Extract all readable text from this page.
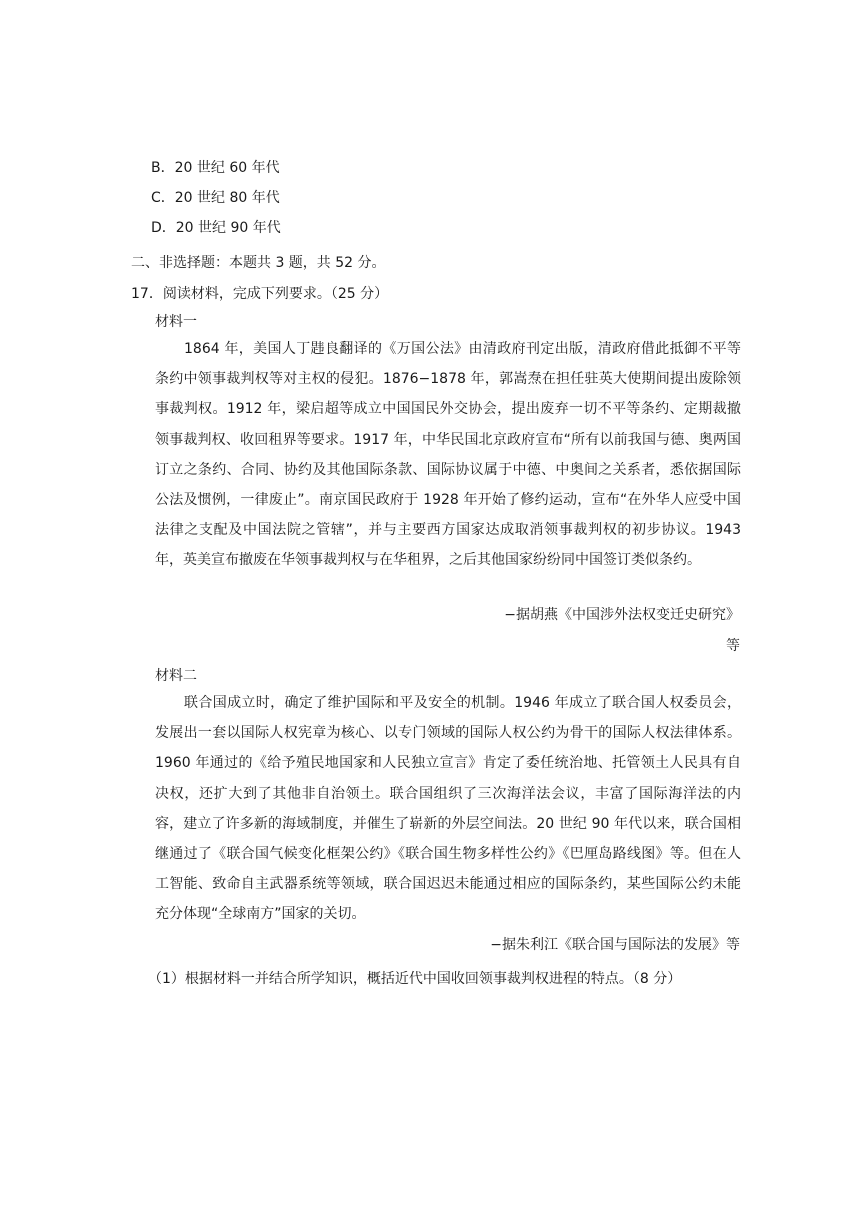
B．20 世纪 60 年代
C．20 世纪 80 年代
D．20 世纪 90 年代
二、非选择题：本题共 3 题，共 52 分。
17．阅读材料，完成下列要求。（25 分）
材料一

1864 年，美国人丁韪良翻译的《万国公法》由清政府刊定出版，清政府借此抵御不平等条约中领事裁判权等对主权的侵犯。1876−1878 年，郭嵩焘在担任驻英大使期间提出废除领事裁判权。1912 年，梁启超等成立中国国民外交协会，提出废弃一切不平等条约、定期裁撤领事裁判权、收回租界等要求。1917 年，中华民国北京政府宣布“所有以前我国与德、奥两国订立之条约、合同、协约及其他国际条款、国际协议属于中德、中奥间之关系者，悉依据国际公法及惯例，一律废止”。南京国民政府于 1928 年开始了修约运动，宣布“在外华人应受中国法律之支配及中国法院之管辖”，并与主要西方国家达成取消领事裁判权的初步协议。1943 年，英美宣布撤废在华领事裁判权与在华租界，之后其他国家纷纷同中国签订类似条约。

−据胡燕《中国涉外法权变迁史研究》
等
材料二

联合国成立时，确定了维护国际和平及安全的机制。1946 年成立了联合国人权委员会，发展出一套以国际人权宪章为核心、以专门领域的国际人权公约为骨干的国际人权法律体系。1960 年通过的《给予殖民地国家和人民独立宣言》肯定了委任统治地、托管领土人民具有自决权，还扩大到了其他非自治领土。联合国组织了三次海洋法会议，丰富了国际海洋法的内容，建立了许多新的海域制度，并催生了崭新的外层空间法。20 世纪 90 年代以来，联合国相继通过了《联合国气候变化框架公约》《联合国生物多样性公约》《巴厘岛路线图》等。但在人工智能、致命自主武器系统等领域，联合国迟迟未能通过相应的国际条约，某些国际公约未能充分体现“全球南方”国家的关切。

−据朱利江《联合国与国际法的发展》等
（1）根据材料一并结合所学知识，概括近代中国收回领事裁判权进程的特点。（8 分）
